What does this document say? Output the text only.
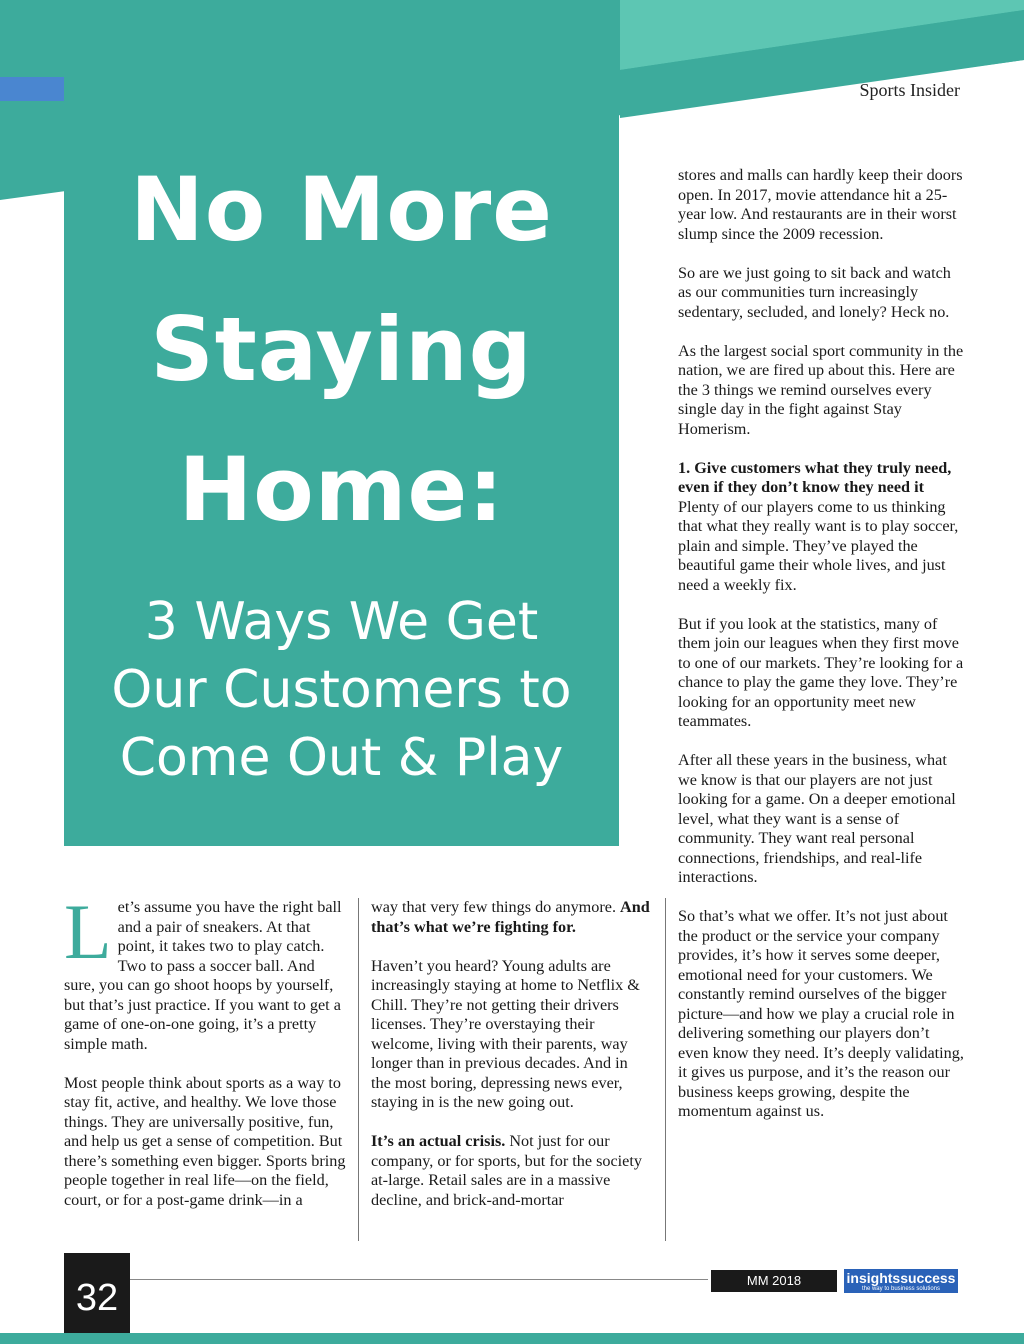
Sports Insider
No More
Staying
Home:
3 Ways We Get
Our Customers to
Come Out & Play

Let’s assume you have the right ball and a pair of sneakers. At that point, it takes two to play catch. Two to pass a soccer ball. And sure, you can go shoot hoops by yourself, but that’s just practice. If you want to get a game of one-on-one going, it’s a pretty simple math.

Most people think about sports as a way to stay fit, active, and healthy. We love those things. They are universally positive, fun, and help us get a sense of competition. But there’s something even bigger. Sports bring people together in real life—on the field, court, or for a post-game drink—in a

way that very few things do anymore. And that’s what we’re fighting for.

Haven’t you heard? Young adults are increasingly staying at home to Netflix & Chill. They’re not getting their drivers licenses. They’re overstaying their welcome, living with their parents, way longer than in previous decades. And in the most boring, depressing news ever, staying in is the new going out.

It’s an actual crisis. Not just for our company, or for sports, but for the society at-large. Retail sales are in a massive decline, and brick-and-mortar

stores and malls can hardly keep their doors open. In 2017, movie attendance hit a 25-year low. And restaurants are in their worst slump since the 2009 recession.

So are we just going to sit back and watch as our communities turn increasingly sedentary, secluded, and lonely? Heck no.

As the largest social sport community in the nation, we are fired up about this. Here are the 3 things we remind ourselves every single day in the fight against Stay Homerism.

1. Give customers what they truly need, even if they don’t know they need it

Plenty of our players come to us thinking that what they really want is to play soccer, plain and simple. They’ve played the beautiful game their whole lives, and just need a weekly fix.

But if you look at the statistics, many of them join our leagues when they first move to one of our markets. They’re looking for a chance to play the game they love. They’re looking for an opportunity meet new teammates.

After all these years in the business, what we know is that our players are not just looking for a game. On a deeper emotional level, what they want is a sense of community. They want real personal connections, friendships, and real-life interactions.

So that’s what we offer. It’s not just about the product or the service your company provides, it’s how it serves some deeper, emotional need for your customers. We constantly remind ourselves of the bigger picture—and how we play a crucial role in delivering something our players don’t even know they need. It’s deeply validating, it gives us purpose, and it’s the reason our business keeps growing, despite the momentum against us.

32	MM 2018	insightssuccess
the way to business solutions
